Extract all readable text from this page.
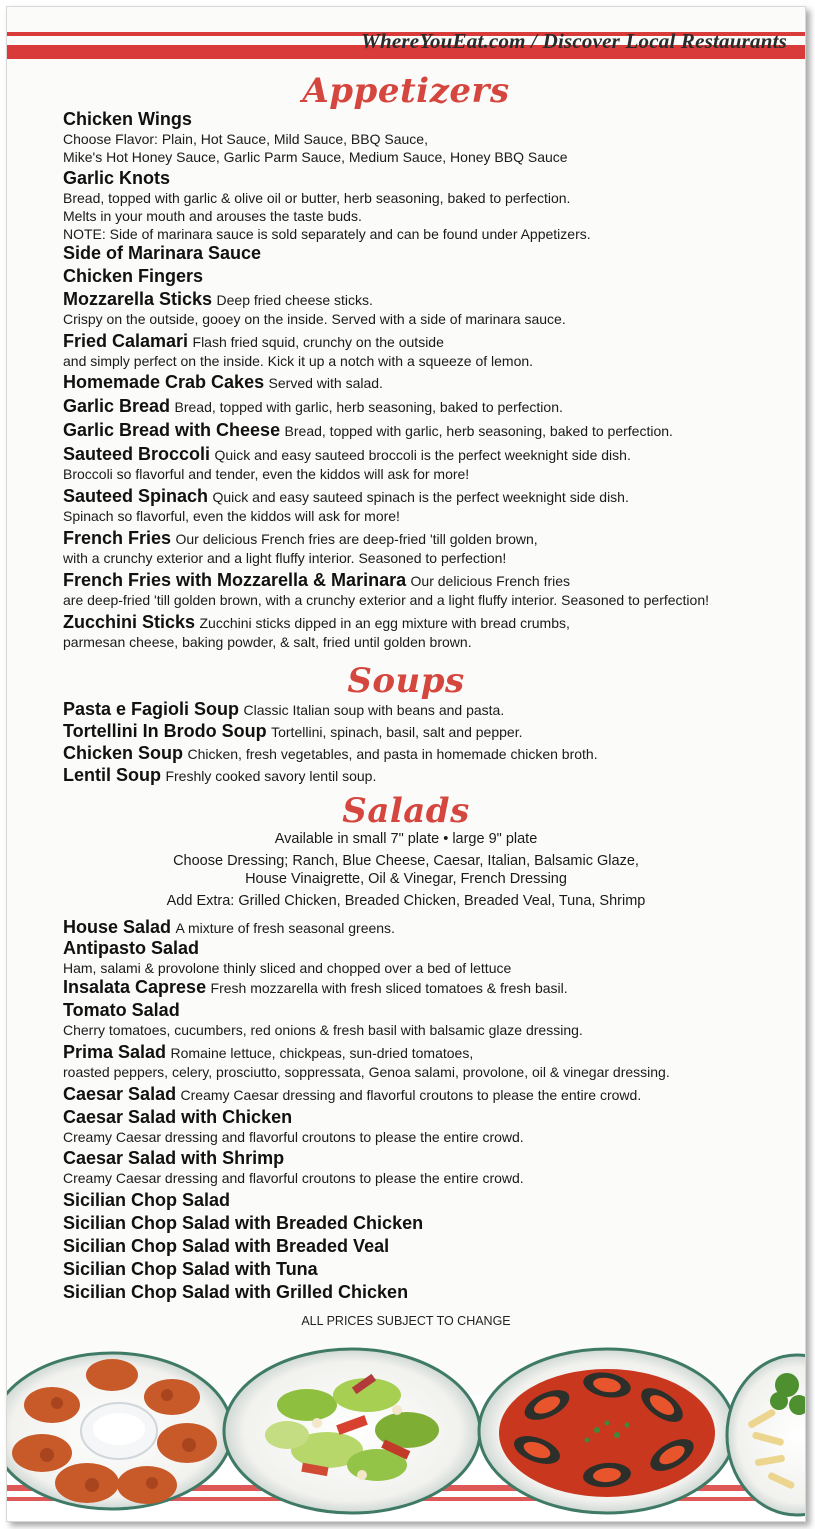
WhereYouEat.com / Discover Local Restaurants
Appetizers
Chicken Wings
Choose Flavor: Plain, Hot Sauce, Mild Sauce, BBQ Sauce,
Mike's Hot Honey Sauce, Garlic Parm Sauce, Medium Sauce, Honey BBQ Sauce
Garlic Knots
Bread, topped with garlic & olive oil or butter, herb seasoning, baked to perfection.
Melts in your mouth and arouses the taste buds.
NOTE: Side of marinara sauce is sold separately and can be found under Appetizers.
Side of Marinara Sauce
Chicken Fingers
Mozzarella Sticks Deep fried cheese sticks.
Crispy on the outside, gooey on the inside. Served with a side of marinara sauce.
Fried Calamari Flash fried squid, crunchy on the outside
and simply perfect on the inside. Kick it up a notch with a squeeze of lemon.
Homemade Crab Cakes Served with salad.
Garlic Bread Bread, topped with garlic, herb seasoning, baked to perfection.
Garlic Bread with Cheese Bread, topped with garlic, herb seasoning, baked to perfection.
Sauteed Broccoli Quick and easy sauteed broccoli is the perfect weeknight side dish.
Broccoli so flavorful and tender, even the kiddos will ask for more!
Sauteed Spinach Quick and easy sauteed spinach is the perfect weeknight side dish.
Spinach so flavorful, even the kiddos will ask for more!
French Fries Our delicious French fries are deep-fried 'till golden brown,
with a crunchy exterior and a light fluffy interior. Seasoned to perfection!
French Fries with Mozzarella & Marinara Our delicious French fries
are deep-fried 'till golden brown, with a crunchy exterior and a light fluffy interior. Seasoned to perfection!
Zucchini Sticks Zucchini sticks dipped in an egg mixture with bread crumbs,
parmesan cheese, baking powder, & salt, fried until golden brown.
Soups
Pasta e Fagioli Soup Classic Italian soup with beans and pasta.
Tortellini In Brodo Soup Tortellini, spinach, basil, salt and pepper.
Chicken Soup Chicken, fresh vegetables, and pasta in homemade chicken broth.
Lentil Soup Freshly cooked savory lentil soup.
Salads
Available in small 7" plate • large 9" plate
Choose Dressing; Ranch, Blue Cheese, Caesar, Italian, Balsamic Glaze,
House Vinaigrette, Oil & Vinegar, French Dressing
Add Extra: Grilled Chicken, Breaded Chicken, Breaded Veal, Tuna, Shrimp
House Salad A mixture of fresh seasonal greens.
Antipasto Salad
Ham, salami & provolone thinly sliced and chopped over a bed of lettuce
Insalata Caprese Fresh mozzarella with fresh sliced tomatoes & fresh basil.
Tomato Salad
Cherry tomatoes, cucumbers, red onions & fresh basil with balsamic glaze dressing.
Prima Salad Romaine lettuce, chickpeas, sun-dried tomatoes,
roasted peppers, celery, prosciutto, soppressata, Genoa salami, provolone, oil & vinegar dressing.
Caesar Salad Creamy Caesar dressing and flavorful croutons to please the entire crowd.
Caesar Salad with Chicken
Creamy Caesar dressing and flavorful croutons to please the entire crowd.
Caesar Salad with Shrimp
Creamy Caesar dressing and flavorful croutons to please the entire crowd.
Sicilian Chop Salad
Sicilian Chop Salad with Breaded Chicken
Sicilian Chop Salad with Breaded Veal
Sicilian Chop Salad with Tuna
Sicilian Chop Salad with Grilled Chicken
ALL PRICES SUBJECT TO CHANGE
